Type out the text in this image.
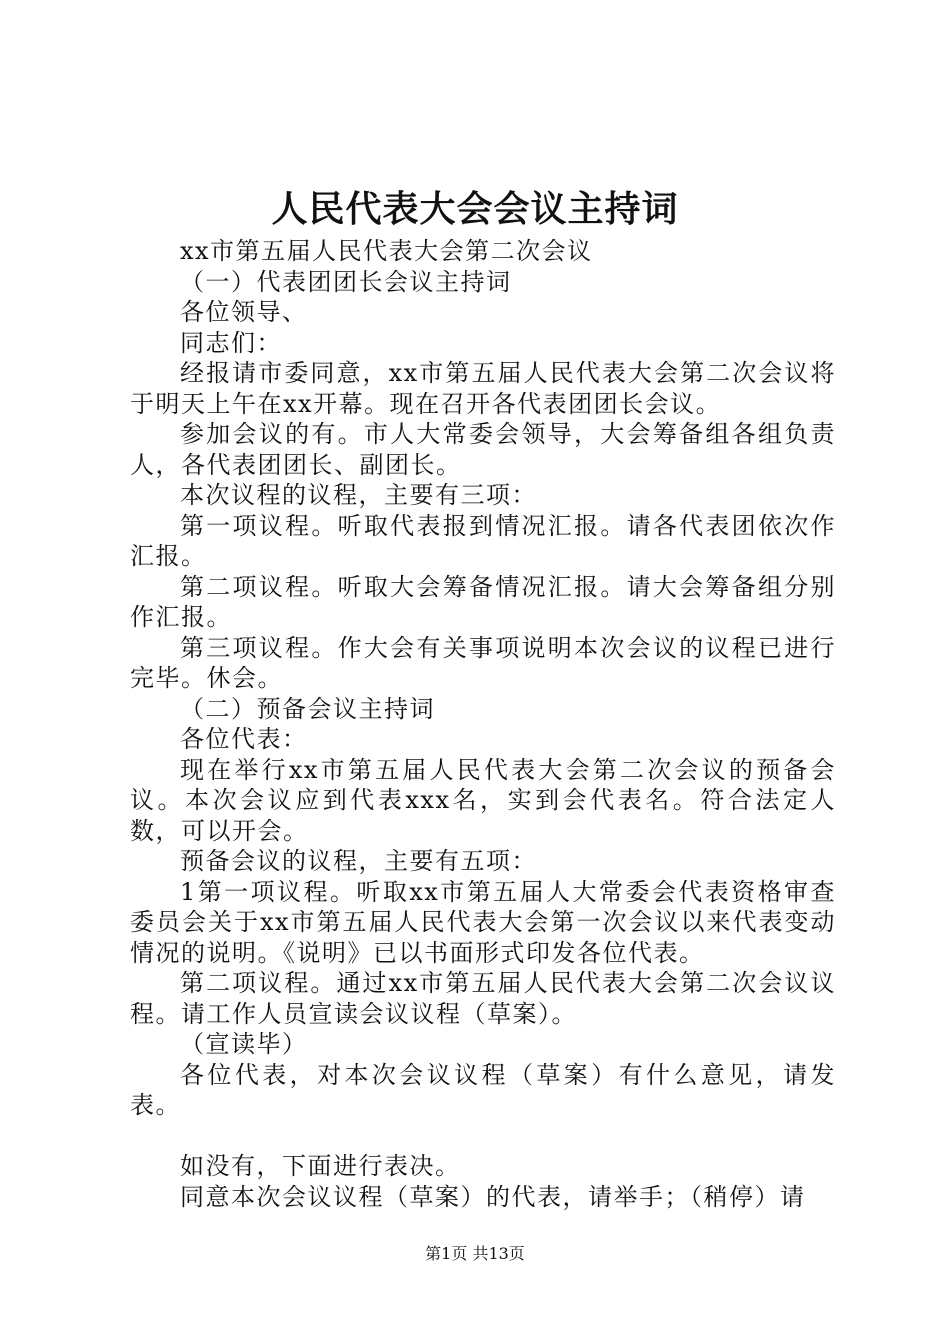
人民代表大会会议主持词

xx市第五届人民代表大会第二次会议

（一）代表团团长会议主持词

各位领导、

同志们：

经报请市委同意，xx市第五届人民代表大会第二次会议将于明天上午在xx开幕。现在召开各代表团团长会议。

参加会议的有。市人大常委会领导，大会筹备组各组负责人，各代表团团长、副团长。

本次议程的议程，主要有三项：

第一项议程。听取代表报到情况汇报。请各代表团依次作汇报。

第二项议程。听取大会筹备情况汇报。请大会筹备组分别作汇报。

第三项议程。作大会有关事项说明本次会议的议程已进行完毕。休会。

（二）预备会议主持词

各位代表：

现在举行xx市第五届人民代表大会第二次会议的预备会议。本次会议应到代表xxx名，实到会代表名。符合法定人数，可以开会。

预备会议的议程，主要有五项：

1第一项议程。听取xx市第五届人大常委会代表资格审查委员会关于xx市第五届人民代表大会第一次会议以来代表变动情况的说明。《说明》已以书面形式印发各位代表。

第二项议程。通过xx市第五届人民代表大会第二次会议议程。请工作人员宣读会议议程（草案）。

（宣读毕）

各位代表，对本次会议议程（草案）有什么意见，请发表。

如没有，下面进行表决。

同意本次会议议程（草案）的代表，请举手；（稍停）请

第1页 共13页
